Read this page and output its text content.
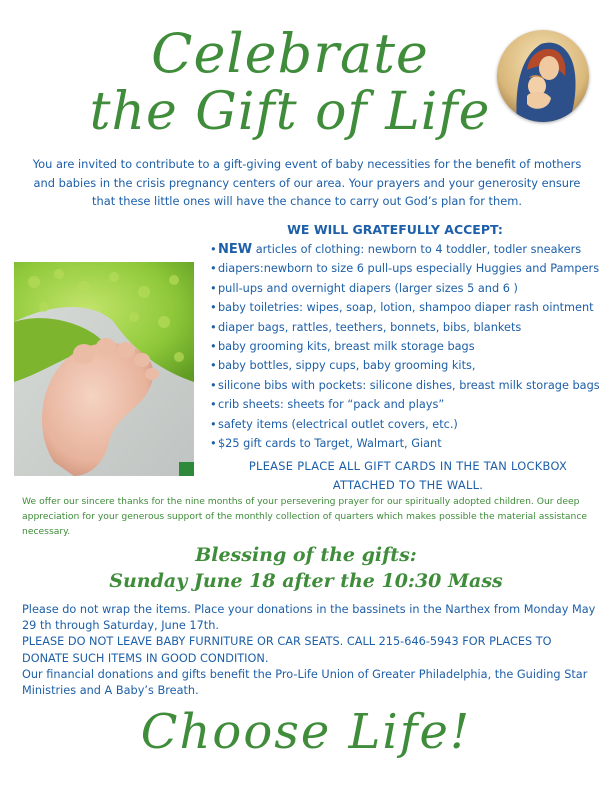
Celebrate
the Gift of Life
You are invited to contribute to a gift-giving event of baby necessities for the benefit of mothers and babies in the crisis pregnancy centers of our area. Your prayers and your generosity ensure that these little ones will have the chance to carry out God’s plan for them.
WE WILL GRATEFULLY ACCEPT:
•NEW articles of clothing: newborn to 4 toddler, todler sneakers
•diapers:newborn to size 6 pull-ups especially Huggies and Pampers
•pull-ups and overnight diapers (larger sizes 5 and 6 )
•baby toiletries: wipes, soap, lotion, shampoo diaper rash ointment
•diaper bags, rattles, teethers, bonnets, bibs, blankets
•baby grooming kits, breast milk storage bags
•baby bottles, sippy cups, baby grooming kits,
•silicone bibs with pockets: silicone dishes, breast milk storage bags
•crib sheets: sheets for “pack and plays”
•safety items (electrical outlet covers, etc.)
•$25 gift cards to Target, Walmart, Giant
PLEASE PLACE ALL GIFT CARDS IN THE TAN LOCKBOX ATTACHED TO THE WALL.
We offer our sincere thanks for the nine months of your persevering prayer for our spiritually adopted children. Our deep appreciation for your generous support of the monthly collection of quarters which makes possible the material assistance necessary.
Blessing of the gifts:
Sunday June 18 after the 10:30 Mass

Please do not wrap the items. Place your donations in the bassinets in the Narthex from Monday May 29 th through Saturday, June 17th.

PLEASE DO NOT LEAVE BABY FURNITURE OR CAR SEATS. CALL 215-646-5943 FOR PLACES TO DONATE SUCH ITEMS IN GOOD CONDITION.

Our financial donations and gifts benefit the Pro-Life Union of Greater Philadelphia, the Guiding Star Ministries and A Baby’s Breath.

Choose Life!
